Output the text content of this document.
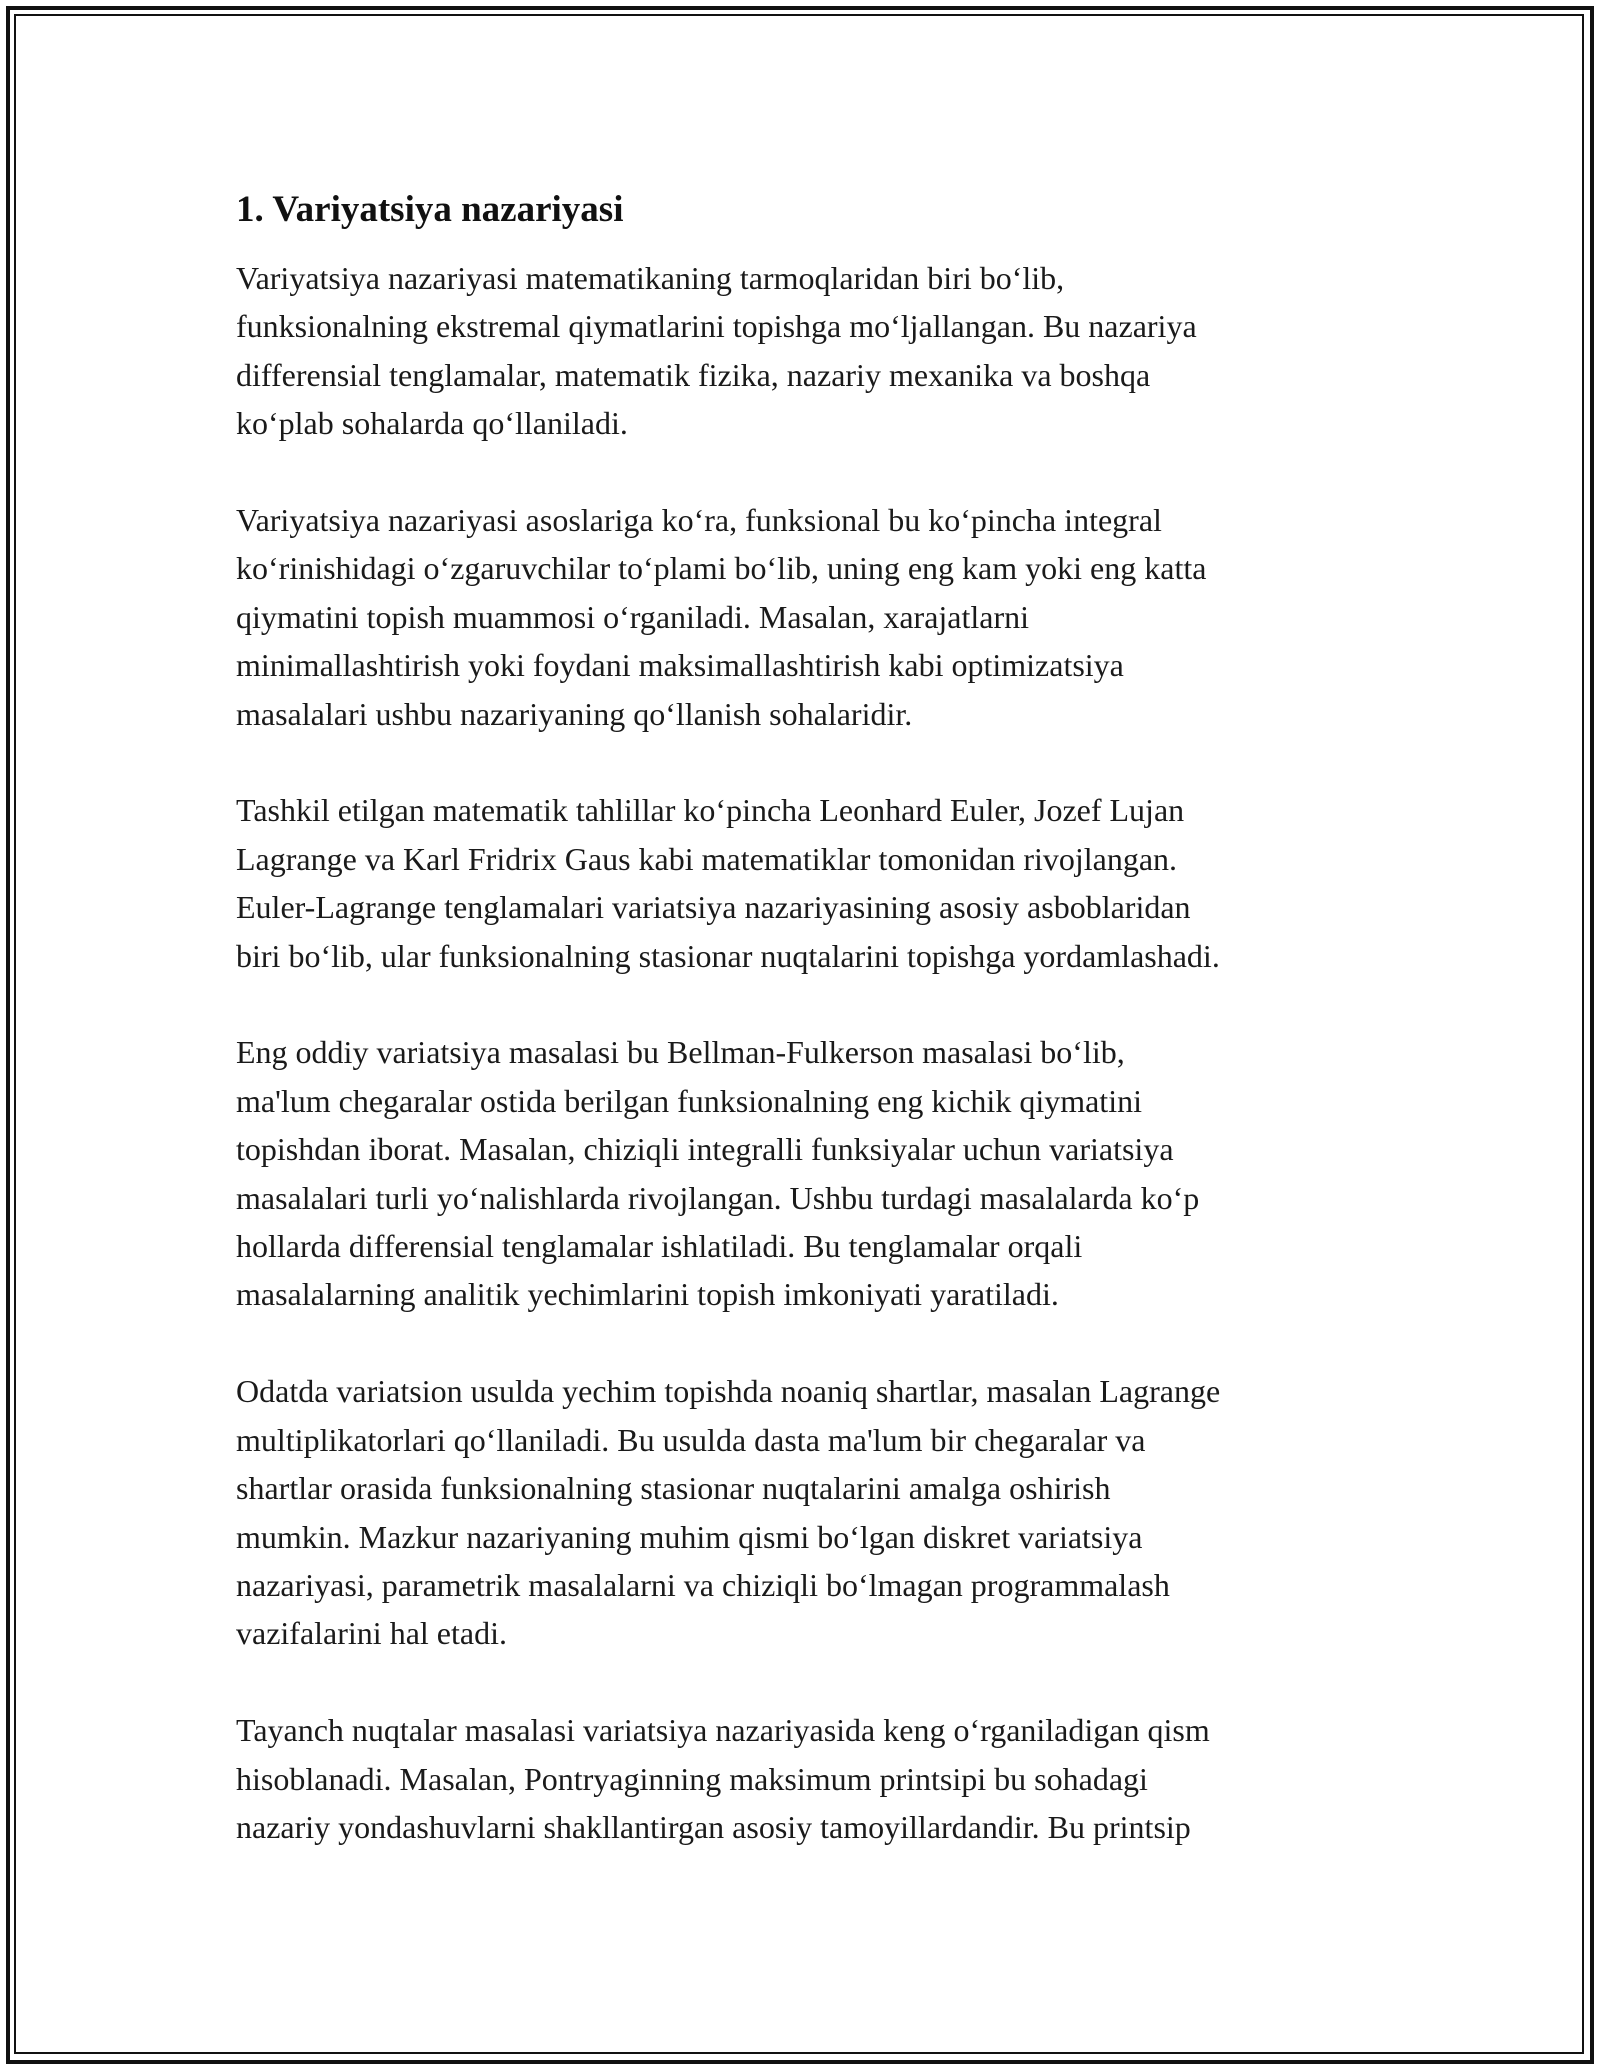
1. Variyatsiya nazariyasi

Variyatsiya nazariyasi matematikaning tarmoqlaridan biri bo‘lib,
funksionalning ekstremal qiymatlarini topishga mo‘ljallangan. Bu nazariya
differensial tenglamalar, matematik fizika, nazariy mexanika va boshqa
ko‘plab sohalarda qo‘llaniladi.

Variyatsiya nazariyasi asoslariga ko‘ra, funksional bu ko‘pincha integral
ko‘rinishidagi o‘zgaruvchilar to‘plami bo‘lib, uning eng kam yoki eng katta
qiymatini topish muammosi o‘rganiladi. Masalan, xarajatlarni
minimallashtirish yoki foydani maksimallashtirish kabi optimizatsiya
masalalari ushbu nazariyaning qo‘llanish sohalaridir.

Tashkil etilgan matematik tahlillar ko‘pincha Leonhard Euler, Jozef Lujan
Lagrange va Karl Fridrix Gaus kabi matematiklar tomonidan rivojlangan.
Euler-Lagrange tenglamalari variatsiya nazariyasining asosiy asboblaridan
biri bo‘lib, ular funksionalning stasionar nuqtalarini topishga yordamlashadi.

Eng oddiy variatsiya masalasi bu Bellman-Fulkerson masalasi bo‘lib,
ma'lum chegaralar ostida berilgan funksionalning eng kichik qiymatini
topishdan iborat. Masalan, chiziqli integralli funksiyalar uchun variatsiya
masalalari turli yo‘nalishlarda rivojlangan. Ushbu turdagi masalalarda ko‘p
hollarda differensial tenglamalar ishlatiladi. Bu tenglamalar orqali
masalalarning analitik yechimlarini topish imkoniyati yaratiladi.

Odatda variatsion usulda yechim topishda noaniq shartlar, masalan Lagrange
multiplikatorlari qo‘llaniladi. Bu usulda dasta ma'lum bir chegaralar va
shartlar orasida funksionalning stasionar nuqtalarini amalga oshirish
mumkin. Mazkur nazariyaning muhim qismi bo‘lgan diskret variatsiya
nazariyasi, parametrik masalalarni va chiziqli bo‘lmagan programmalash
vazifalarini hal etadi.

Tayanch nuqtalar masalasi variatsiya nazariyasida keng o‘rganiladigan qism
hisoblanadi. Masalan, Pontryaginning maksimum printsipi bu sohadagi
nazariy yondashuvlarni shakllantirgan asosiy tamoyillardandir. Bu printsip
